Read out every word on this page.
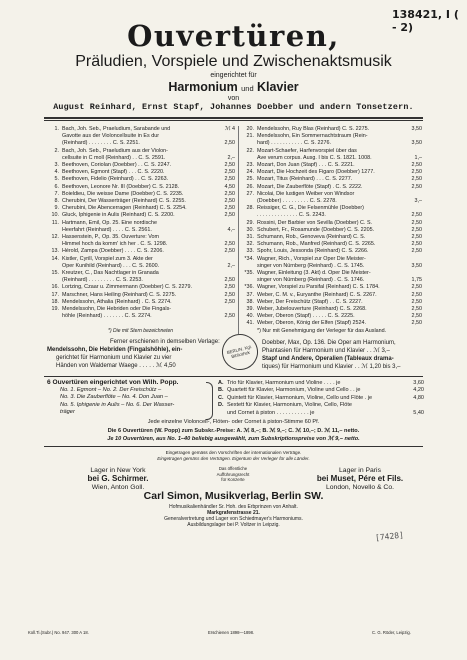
138421, I ( - 2)
Ouvertüren,
Präludien, Vorspiele und Zwischenaktsmusik
eingerichtet für
Harmonium und Klavier
von
August Reinhard, Ernst Stapf, Johannes Doebber und andern Tonsetzern.
1. Bach, Joh. Seb., Praeludium, Sarabande und	ℳ 4
Gavotte aus der Violoncellsuite in Es dur
(Reinhard) . . . . . . . . C. S. 2251.	2,50
2. Bach, Joh. Seb., Praeludium aus der Violon-
cellsuite in C moll (Reinhard) . . C. S. 2591.	2,–
3. Beethoven, Coriolan (Doebber) . . C. S. 2247.	2,50
4. Beethoven, Egmont (Stapf) . . . C. S. 2220.	2,50
5. Beethoven, Fidelio (Reinhard) . . C. S. 2263.	2,50
6. Beethoven, Leonore Nr. III (Doebber) C. S. 2128.	4,50
7. Boieldieu, Die weisse Dame (Doebber) C. S. 2235.	2,50
8. Cherubini, Der Wasserträger (Reinhard) C. S. 2255.	2,50
9. Cherubini, Die Abencerragen (Reinhard) C. S. 2254.	2,50
10. Gluck, Iphigenie in Aulis (Reinhard) C. S. 2200.	2,50
11. Hartmann, Emil, Op. 25. Eine nordische
Heerfahrt (Reinhard) . . . . C. S. 2561.	4,–
12. Hassenstein, P., Op. 35. Ouverture: Vom
Himmel hoch da komm' ich her . C. S. 1298.	2,50
13. Hérold, Zampa (Doebber) . . . . C. S. 2206.	2,50
14. Kistler, Cyrill, Vorspiel zum 3. Akte der
Oper Kunihild (Reinhard) . . . C. S. 2600.	2,–
15. Kreutzer, C., Das Nachtlager in Granada
(Reinhard) . . . . . . . . . C. S. 2253.	2,50
16. Lortzing, Czaar u. Zimmermann (Doebber) C. S. 2279.	2,50
17. Marschner, Hans Heiling (Reinhard) C. S. 2275.	2,50
18. Mendelssohn, Athalia (Reinhard) . C. S. 2274.	2,50
19. Mendelssohn, Die Hebriden oder Die Fingals-
höhle (Reinhard) . . . . . . . C. S. 2274.	2,50
20. Mendelssohn, Ruy Blas (Reinhard) C. S. 2275.	3,50
21. Mendelssohn, Ein Sommernachtstraum (Rein-
hard) . . . . . . . . . . . C. S. 2276.	3,50
22. Mozart-Schaefer, Harfenvorspiel über das
Ave verum corpus. Ausg. I bis C. S. 1821. 1008.	1,–
23. Mozart, Don Juan (Stapf) . . . C. S. 2221.	2,50
24. Mozart, Die Hochzeit des Figaro (Doebber) 1277.	2,50
25. Mozart, Titus (Reinhard) . . . C. S. 2277.	2,50
26. Mozart, Die Zauberflöte (Stapf) . C. S. 2222.	2,50
27. Nicolai, Die lustigen Weiber von Windsor
(Doebber) . . . . . . . . . C. S. 2278.	3,–
28. Reissiger, C. G., Die Felsenmühle (Doebber)
. . . . . . . . . . . . . . C. S. 2243.	2,50
29. Rossini, Der Barbier von Sevilla (Doebber) C. S.	2,50
30. Schubert, Fr., Rosamunde (Doebber) C. S. 2205.	2,50
31. Schumann, Rob., Genoveva (Reinhard) C. S.	2,50
32. Schumann, Rob., Manfred (Reinhard) C. S. 2265.	2,50
33. Spohr, Louis, Jessonda (Reinhard) C. S. 2266.	2,50
*34. Wagner, Rich., Vorspiel zur Oper Die Meister-
singer von Nürnberg (Reinhard) . C. S. 1745.	3,50
*35. Wagner, Einleitung (3. Akt) d. Oper Die Meister-
singer von Nürnberg (Reinhard) . C. S. 1746.	1,75
*36. Wagner, Vorspiel zu Parsifal (Reinhard) C. S. 1784.	2,50
37. Weber, C. M. v., Euryanthe (Reinhard) C. S. 2267.	2,50
38. Weber, Der Freischütz (Stapf) . . C. S. 2227.	2,50
39. Weber, Jubelouverture (Reinhard) C. S. 2268.	2,50
40. Weber, Oberon (Stapf) . . . . . C. S. 2225.	2,50
41. Weber, Oberon, König der Elfen (Stapf) 2524.	2,50
*) Nur mit Genehmigung der Verleger für das Ausland.
*) Die mit Stern bezeichneten
Ferner erschienen in demselben Verlage:
Mendelssohn, Die Hebriden (Fingalshöhle), ein-
gerichtet für Harmonium und Klavier zu vier
Händen von Waldemar Waege . . . . . ℳ 4,50
BERLIN. Kgl. Bibliothek
Doebber, Max, Op. 136. Die Oper am Harmonium,
Phantasien für Harmonium und Klavier . . ℳ 3,–
Stapf und Andere, Operalien (Tableaux drama-
tiques) für Harmonium und Klavier . . ℳ 1,20 bis 3,–
6 Ouvertüren eingerichtet von Wilh. Popp.
No. 1. Egmont – No. 2. Der Freischütz –
No. 3. Die Zauberflöte – No. 4. Don Juan –
No. 5. Iphigenie in Aulis – No. 6. Der Wasser-
träger
A. Trio für Klavier, Harmonium und Violine . . . . je	3,60
B. Quartett für Klavier, Harmonium, Violine und Cello . . je	4,20
C. Quintett für Klavier, Harmonium, Violine, Cello und Flöte . je	4,80
D. Sextett für Klavier, Harmonium, Violine, Cello, Flöte
und Cornet à piston . . . . . . . . . . . je	5,40
Jede einzelne Violoncell-, Flöten- oder Cornet à piston-Stimme 60 Pf.
Die 6 Ouvertüren (W. Popp) zum Subskr.-Preise: A. ℳ 8,–; B. ℳ 9,–; C. ℳ 10,–; D. ℳ 11,– netto.
Je 10 Ouvertüren, aus No. 1–40 beliebig ausgewählt, zum Subskriptionspreise von ℳ 9,– netto.
Eingetragen gemäss den Vorschriften der internationalen Verträge.
Eingetragen gemäss den Verträgen. Eigentum der Verleger für alle Länder.
Lager in New York
bei G. Schirmer.
Wien, Anton Goll.
Lager in Paris
bei Muset, Pére et Fils.
London, Novello & Co.
Das öffentliche
Aufführungsrecht
für Konzerte
Carl Simon, Musikverlag, Berlin SW.
Hofmusikalienhändler Sr. Hoh. des Erbprinzen von Anhalt.
Markgrafenstrasse 21.
Generalvertretung und Lager von Schiedmayer's Harmoniums.
Ausbildungslager bei P. Voltzer in Leipzig.
[7428]
Koll.Ti.(Subr.) No. 947. 300 A 18.	Erschienen 1898—1898.	C. G. Röder, Leipzig.
